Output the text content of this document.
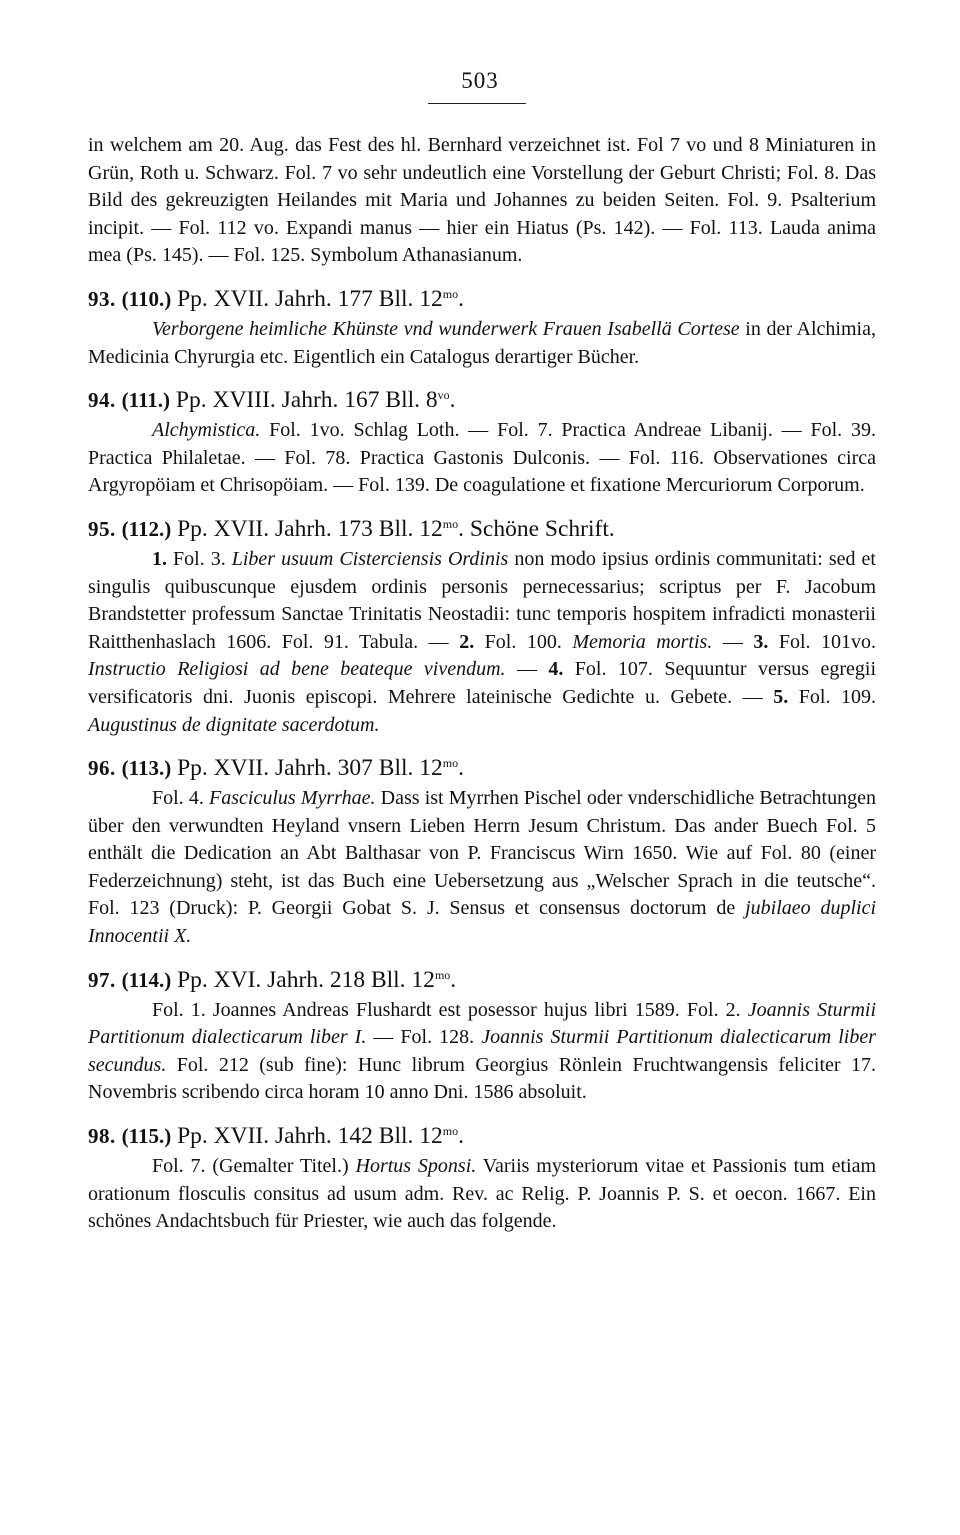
503

in welchem am 20. Aug. das Fest des hl. Bernhard verzeichnet ist. Fol 7 vo und 8 Miniaturen in Grün, Roth u. Schwarz. Fol. 7 vo sehr undeutlich eine Vorstellung der Geburt Christi; Fol. 8. Das Bild des gekreuzigten Heilandes mit Maria und Johannes zu beiden Seiten. Fol. 9. Psalterium incipit. — Fol. 112 vo. Expandi manus — hier ein Hiatus (Ps. 142). — Fol. 113. Lauda anima mea (Ps. 145). — Fol. 125. Symbolum Athanasianum.

93. (110.) Pp. XVII. Jahrh. 177 Bll. $12^{mo}$.

Verborgene heimliche Khünste vnd wunderwerk Frauen Isabellä Cortese in der Alchimia, Medicinia Chyrurgia etc. Eigentlich ein Catalogus derartiger Bücher.

94. (111.) Pp. XVIII. Jahrh. 167 Bll. $8^{vo}$.

Alchymistica. Fol. 1vo. Schlag Loth. — Fol. 7. Practica Andreae Libanij. — Fol. 39. Practica Philaletae. — Fol. 78. Practica Gastonis Dulconis. — Fol. 116. Observationes circa Argyropöiam et Chrisopöiam. — Fol. 139. De coagulatione et fixatione Mercuriorum Corporum.

95. (112.) Pp. XVII. Jahrh. 173 Bll. $12^{mo}$. Schöne Schrift.

1. Fol. 3. Liber usuum Cisterciensis Ordinis non modo ipsius ordinis communitati: sed et singulis quibuscunque ejusdem ordinis personis pernecessarius; scriptus per F. Jacobum Brandstetter professum Sanctae Trinitatis Neostadii: tunc temporis hospitem infradicti monasterii Raitthenhaslach 1606. Fol. 91. Tabula. — 2. Fol. 100. Memoria mortis. — 3. Fol. 101vo. Instructio Religiosi ad bene beateque vivendum. — 4. Fol. 107. Sequuntur versus egregii versificatoris dni. Juonis episcopi. Mehrere lateinische Gedichte u. Gebete. — 5. Fol. 109. Augustinus de dignitate sacerdotum.

96. (113.) Pp. XVII. Jahrh. 307 Bll. $12^{mo}$.

Fol. 4. Fasciculus Myrrhae. Dass ist Myrrhen Pischel oder vnderschidliche Betrachtungen über den verwundten Heyland vnsern Lieben Herrn Jesum Christum. Das ander Buech Fol. 5 enthält die Dedication an Abt Balthasar von P. Franciscus Wirn 1650. Wie auf Fol. 80 (einer Federzeichnung) steht, ist das Buch eine Uebersetzung aus „Welscher Sprach in die teutsche“. Fol. 123 (Druck): P. Georgii Gobat S. J. Sensus et consensus doctorum de jubilaeo duplici Innocentii X.

97. (114.) Pp. XVI. Jahrh. 218 Bll. $12^{mo}$.

Fol. 1. Joannes Andreas Flushardt est posessor hujus libri 1589. Fol. 2. Joannis Sturmii Partitionum dialecticarum liber I. — Fol. 128. Joannis Sturmii Partitionum dialecticarum liber secundus. Fol. 212 (sub fine): Hunc librum Georgius Rönlein Fruchtwangensis feliciter 17. Novembris scribendo circa horam 10 anno Dni. 1586 absoluit.

98. (115.) Pp. XVII. Jahrh. 142 Bll. $12^{mo}$.

Fol. 7. (Gemalter Titel.) Hortus Sponsi. Variis mysteriorum vitae et Passionis tum etiam orationum flosculis consitus ad usum adm. Rev. ac Relig. P. Joannis P. S. et oecon. 1667. Ein schönes Andachtsbuch für Priester, wie auch das folgende.
